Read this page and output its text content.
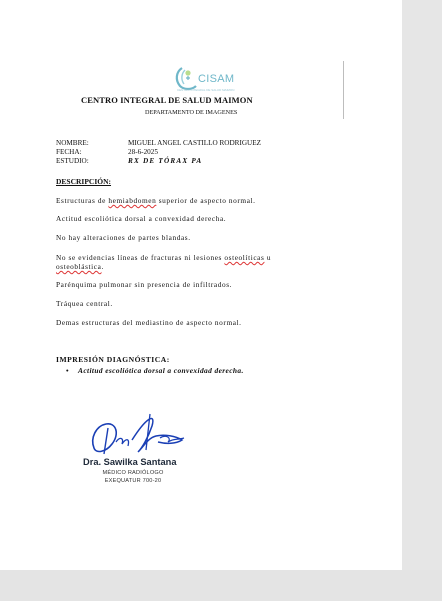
CISAM
CENTRO INTEGRAL DE SALUD MAIMON
CENTRO INTEGRAL DE SALUD MAIMON
DEPARTAMENTO DE IMAGENES
NOMBRE:	MIGUEL ANGEL CASTILLO RODRIGUEZ
FECHA:	28-6-2025
ESTUDIO:	RX DE TÓRAX PA
DESCRIPCIÓN:
Estructuras de hemiabdomen superior de aspecto normal.
Actitud escoliótica dorsal a convexidad derecha.
No hay alteraciones de partes blandas.
No se evidencias líneas de fracturas ni lesiones osteolíticas u
osteoblástica.
Parénquima pulmonar sin presencia de infiltrados.
Tráquea central.
Demas estructuras del mediastino de aspecto normal.
IMPRESIÓN DIAGNÓSTICA:
• Actitud escoliótica dorsal a convexidad derecha.
Dra. Sawilka Santana
MÉDICO RADIÓLOGO
EXEQUATUR 700-20
